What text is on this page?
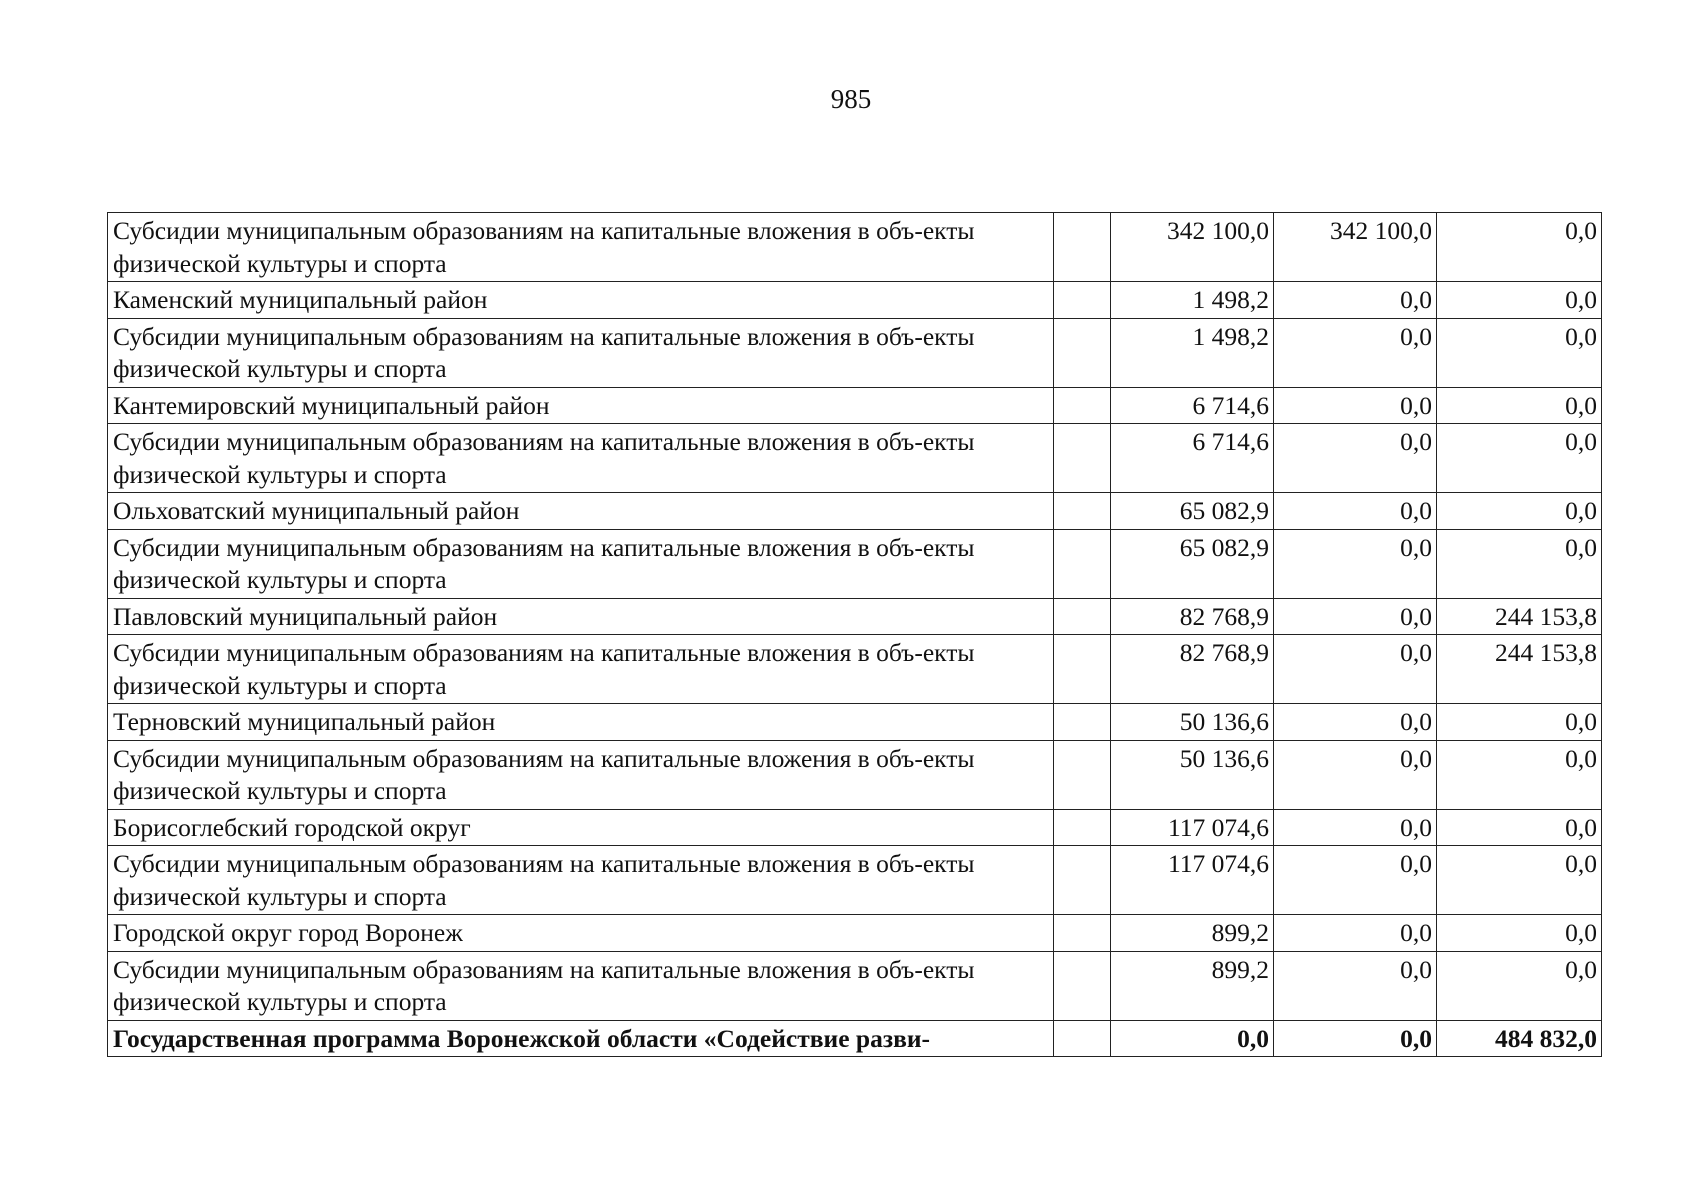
985
Субсидии муниципальным образованиям на капитальные вложения в объ-екты физической культуры и спорта		342 100,0	342 100,0	0,0
Каменский муниципальный район		1 498,2	0,0	0,0
Субсидии муниципальным образованиям на капитальные вложения в объ-екты физической культуры и спорта		1 498,2	0,0	0,0
Кантемировский муниципальный район		6 714,6	0,0	0,0
Субсидии муниципальным образованиям на капитальные вложения в объ-екты физической культуры и спорта		6 714,6	0,0	0,0
Ольховатский муниципальный район		65 082,9	0,0	0,0
Субсидии муниципальным образованиям на капитальные вложения в объ-екты физической культуры и спорта		65 082,9	0,0	0,0
Павловский муниципальный район		82 768,9	0,0	244 153,8
Субсидии муниципальным образованиям на капитальные вложения в объ-екты физической культуры и спорта		82 768,9	0,0	244 153,8
Терновский муниципальный район		50 136,6	0,0	0,0
Субсидии муниципальным образованиям на капитальные вложения в объ-екты физической культуры и спорта		50 136,6	0,0	0,0
Борисоглебский городской округ		117 074,6	0,0	0,0
Субсидии муниципальным образованиям на капитальные вложения в объ-екты физической культуры и спорта		117 074,6	0,0	0,0
Городской округ город Воронеж		899,2	0,0	0,0
Субсидии муниципальным образованиям на капитальные вложения в объ-екты физической культуры и спорта		899,2	0,0	0,0
Государственная программа Воронежской области «Содействие разви-		0,0	0,0	484 832,0
